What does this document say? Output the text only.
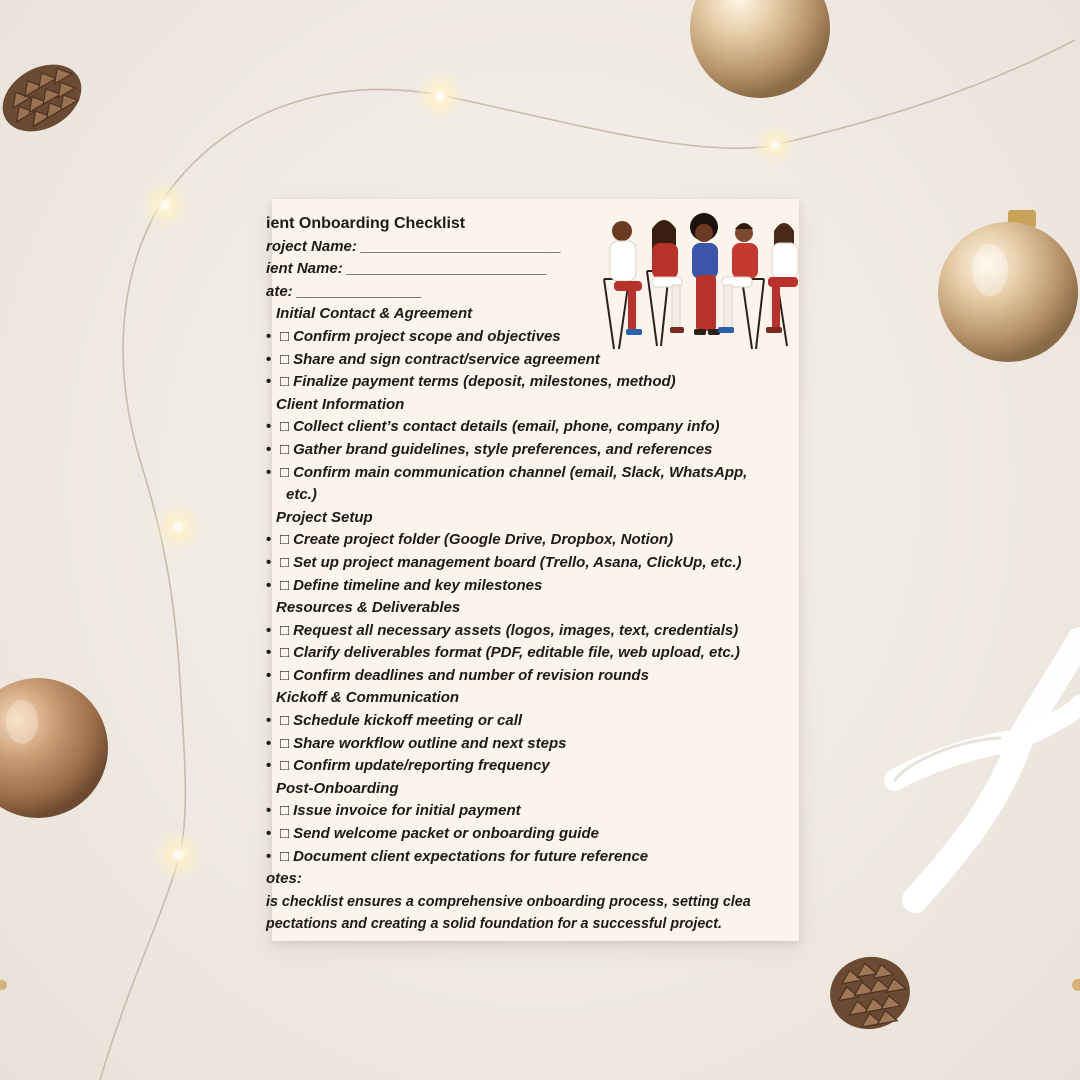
ient Onboarding Checklist
roject Name: ________________________
ient Name: ________________________
ate: _______________
Initial Contact & Agreement
• □ Confirm project scope and objectives
• □ Share and sign contract/service agreement
• □ Finalize payment terms (deposit, milestones, method)
Client Information
• □ Collect client’s contact details (email, phone, company info)
• □ Gather brand guidelines, style preferences, and references
• □ Confirm main communication channel (email, Slack, WhatsApp,
etc.)
Project Setup
• □ Create project folder (Google Drive, Dropbox, Notion)
• □ Set up project management board (Trello, Asana, ClickUp, etc.)
• □ Define timeline and key milestones
Resources & Deliverables
• □ Request all necessary assets (logos, images, text, credentials)
• □ Clarify deliverables format (PDF, editable file, web upload, etc.)
• □ Confirm deadlines and number of revision rounds
Kickoff & Communication
• □ Schedule kickoff meeting or call
• □ Share workflow outline and next steps
• □ Confirm update/reporting frequency
Post-Onboarding
• □ Issue invoice for initial payment
• □ Send welcome packet or onboarding guide
• □ Document client expectations for future reference
otes:
is checklist ensures a comprehensive onboarding process, setting clea
pectations and creating a solid foundation for a successful project.
